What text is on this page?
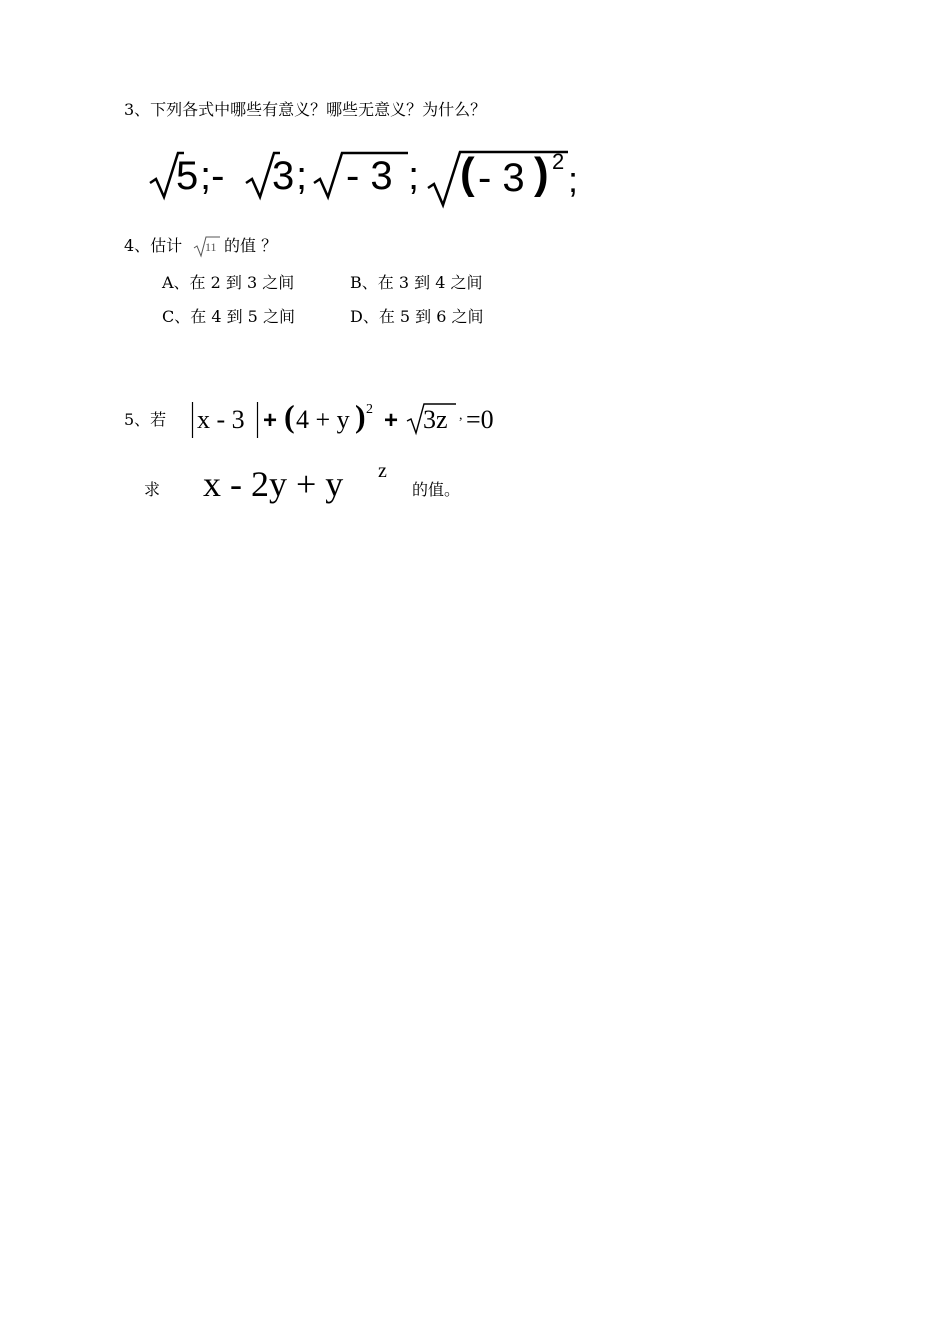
3、下列各式中哪些有意义？哪些无意义？为什么？
5 ;- 3 ; - 3 ; ( - 3 ) 2 ;
4、估计 11 的值 ？
A、在 2 到 3 之间	B、在 3 到 4 之间
C、在 4 到 5 之间	D、在 5 到 6 之间
5、若 x - 3 + ( 4 + y ) 2 + 3z , =0
求 x - 2y + y z
的值。
